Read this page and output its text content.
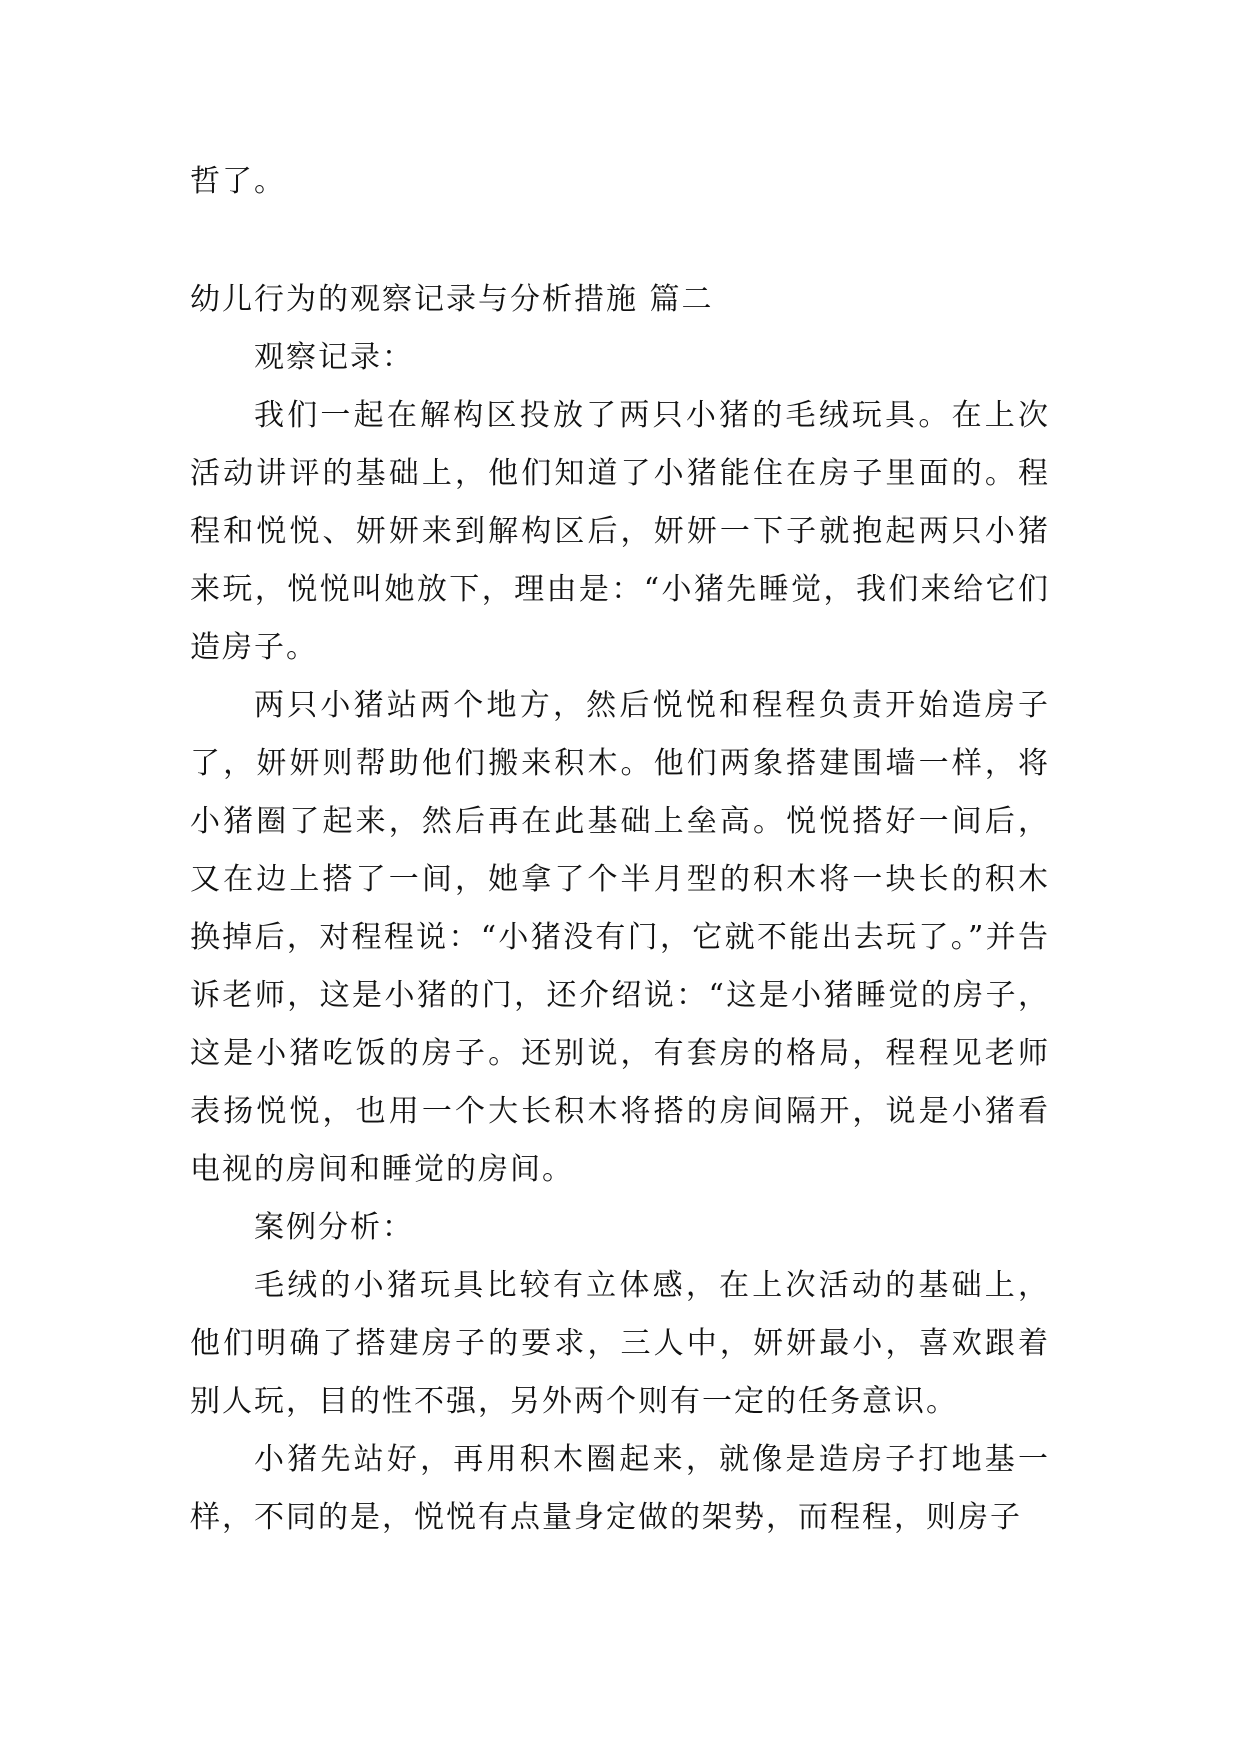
哲了。

幼儿行为的观察记录与分析措施 篇二

观察记录：

我们一起在解构区投放了两只小猪的毛绒玩具。在上次活动讲评的基础上，他们知道了小猪能住在房子里面的。程程和悦悦、妍妍来到解构区后，妍妍一下子就抱起两只小猪来玩，悦悦叫她放下，理由是：“小猪先睡觉，我们来给它们造房子。

两只小猪站两个地方，然后悦悦和程程负责开始造房子了，妍妍则帮助他们搬来积木。他们两象搭建围墙一样，将小猪圈了起来，然后再在此基础上垒高。悦悦搭好一间后，又在边上搭了一间，她拿了个半月型的积木将一块长的积木换掉后，对程程说：“小猪没有门，它就不能出去玩了。”并告诉老师，这是小猪的门，还介绍说：“这是小猪睡觉的房子，这是小猪吃饭的房子。还别说，有套房的格局，程程见老师表扬悦悦，也用一个大长积木将搭的房间隔开，说是小猪看电视的房间和睡觉的房间。

案例分析：

毛绒的小猪玩具比较有立体感，在上次活动的基础上，他们明确了搭建房子的要求，三人中，妍妍最小，喜欢跟着别人玩，目的性不强，另外两个则有一定的任务意识。

小猪先站好，再用积木圈起来，就像是造房子打地基一样，不同的是，悦悦有点量身定做的架势，而程程，则房子
